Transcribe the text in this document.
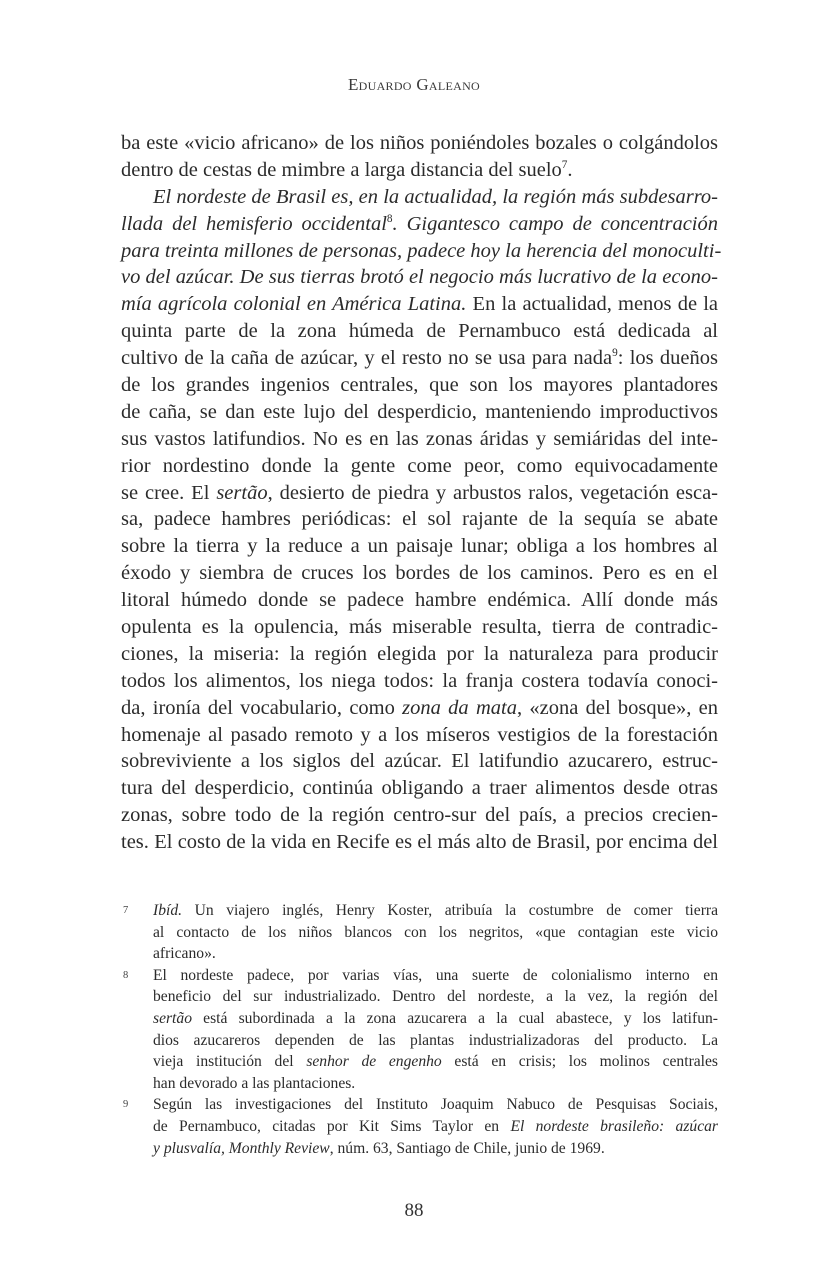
Eduardo Galeano
ba este «vicio africano» de los niños poniéndoles bozales o colgándolos
dentro de cestas de mimbre a larga distancia del suelo$^7$.
El nordeste de Brasil es, en la actualidad, la región más subdesarro-
llada del hemisferio occidental$^8$. Gigantesco campo de concentración
para treinta millones de personas, padece hoy la herencia del monoculti-
vo del azúcar. De sus tierras brotó el negocio más lucrativo de la econo-
mía agrícola colonial en América Latina. En la actualidad, menos de la
quinta parte de la zona húmeda de Pernambuco está dedicada al
cultivo de la caña de azúcar, y el resto no se usa para nada$^9$: los dueños
de los grandes ingenios centrales, que son los mayores plantadores
de caña, se dan este lujo del desperdicio, manteniendo improductivos
sus vastos latifundios. No es en las zonas áridas y semiáridas del inte-
rior nordestino donde la gente come peor, como equivocadamente
se cree. El sertão, desierto de piedra y arbustos ralos, vegetación esca-
sa, padece hambres periódicas: el sol rajante de la sequía se abate
sobre la tierra y la reduce a un paisaje lunar; obliga a los hombres al
éxodo y siembra de cruces los bordes de los caminos. Pero es en el
litoral húmedo donde se padece hambre endémica. Allí donde más
opulenta es la opulencia, más miserable resulta, tierra de contradic-
ciones, la miseria: la región elegida por la naturaleza para producir
todos los alimentos, los niega todos: la franja costera todavía conoci-
da, ironía del vocabulario, como zona da mata, «zona del bosque», en
homenaje al pasado remoto y a los míseros vestigios de la forestación
sobreviviente a los siglos del azúcar. El latifundio azucarero, estruc-
tura del desperdicio, continúa obligando a traer alimentos desde otras
zonas, sobre todo de la región centro-sur del país, a precios crecien-
tes. El costo de la vida en Recife es el más alto de Brasil, por encima del
7 Ibíd. Un viajero inglés, Henry Koster, atribuía la costumbre de comer tierra
al contacto de los niños blancos con los negritos, «que contagian este vicio
africano».
8 El nordeste padece, por varias vías, una suerte de colonialismo interno en
beneficio del sur industrializado. Dentro del nordeste, a la vez, la región del
sertão está subordinada a la zona azucarera a la cual abastece, y los latifun-
dios azucareros dependen de las plantas industrializadoras del producto. La
vieja institución del senhor de engenho está en crisis; los molinos centrales
han devorado a las plantaciones.
9 Según las investigaciones del Instituto Joaquim Nabuco de Pesquisas Sociais,
de Pernambuco, citadas por Kit Sims Taylor en El nordeste brasileño: azúcar
y plusvalía, Monthly Review, núm. 63, Santiago de Chile, junio de 1969.
88
